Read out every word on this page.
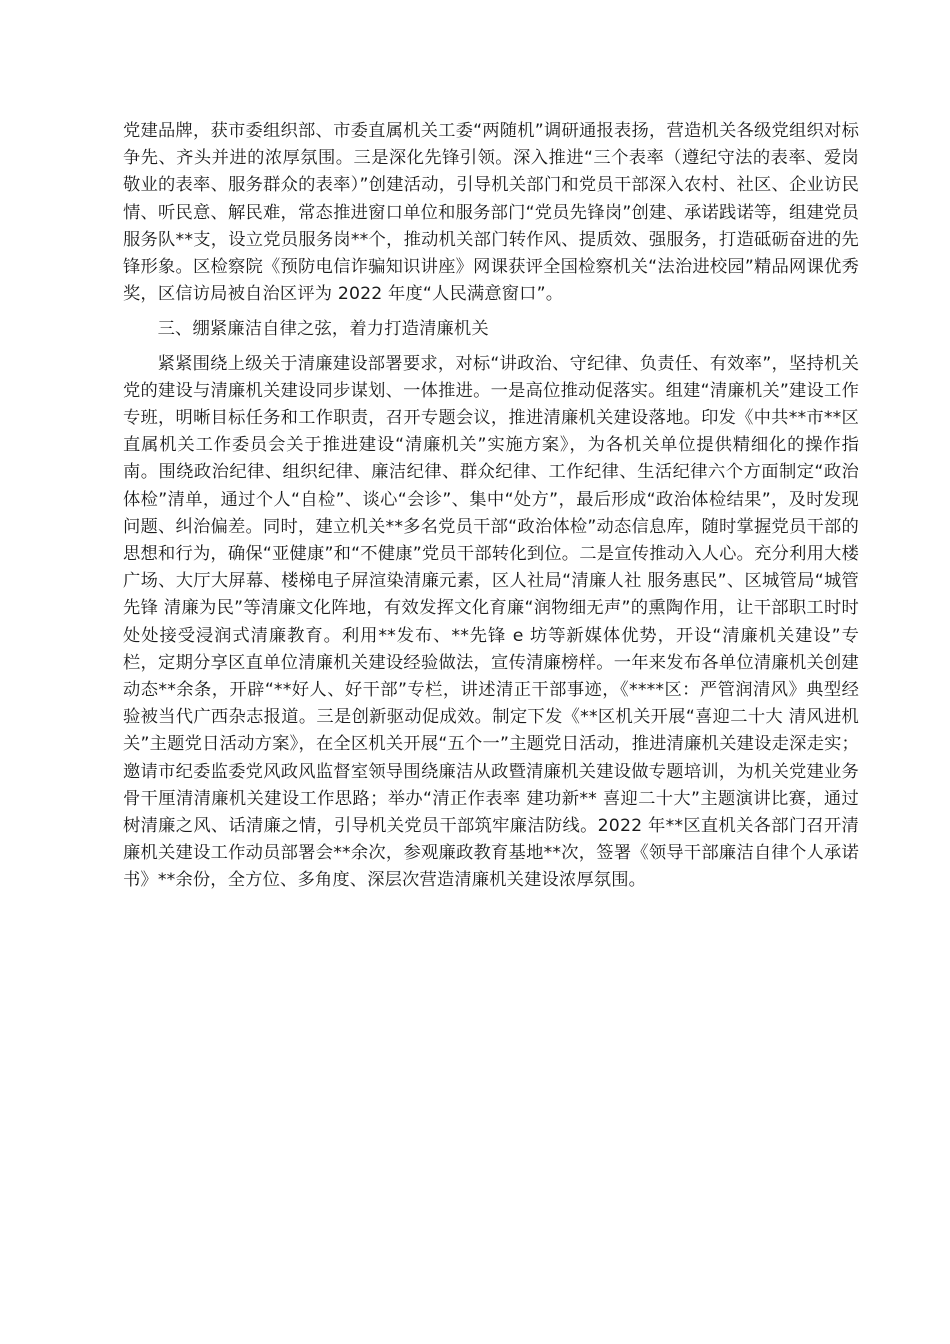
党建品牌，获市委组织部、市委直属机关工委“两随机”调研通报表扬，营造机关各级党组织对标争先、齐头并进的浓厚氛围。三是深化先锋引领。深入推进“三个表率（遵纪守法的表率、爱岗敬业的表率、服务群众的表率）”创建活动，引导机关部门和党员干部深入农村、社区、企业访民情、听民意、解民难，常态推进窗口单位和服务部门“党员先锋岗”创建、承诺践诺等，组建党员服务队**支，设立党员服务岗**个，推动机关部门转作风、提质效、强服务，打造砥砺奋进的先锋形象。区检察院《预防电信诈骗知识讲座》网课获评全国检察机关“法治进校园”精品网课优秀奖，区信访局被自治区评为 2022 年度“人民满意窗口”。

三、绷紧廉洁自律之弦，着力打造清廉机关

紧紧围绕上级关于清廉建设部署要求，对标“讲政治、守纪律、负责任、有效率”，坚持机关党的建设与清廉机关建设同步谋划、一体推进。一是高位推动促落实。组建“清廉机关”建设工作专班，明晰目标任务和工作职责，召开专题会议，推进清廉机关建设落地。印发《中共**市**区直属机关工作委员会关于推进建设“清廉机关”实施方案》，为各机关单位提供精细化的操作指南。围绕政治纪律、组织纪律、廉洁纪律、群众纪律、工作纪律、生活纪律六个方面制定“政治体检”清单，通过个人“自检”、谈心“会诊”、集中“处方”，最后形成“政治体检结果”，及时发现问题、纠治偏差。同时，建立机关**多名党员干部“政治体检”动态信息库，随时掌握党员干部的思想和行为，确保“亚健康”和“不健康”党员干部转化到位。二是宣传推动入人心。充分利用大楼广场、大厅大屏幕、楼梯电子屏渲染清廉元素，区人社局“清廉人社 服务惠民”、区城管局“城管先锋 清廉为民”等清廉文化阵地，有效发挥文化育廉“润物细无声”的熏陶作用，让干部职工时时处处接受浸润式清廉教育。利用**发布、**先锋 e 坊等新媒体优势，开设“清廉机关建设”专栏，定期分享区直单位清廉机关建设经验做法，宣传清廉榜样。一年来发布各单位清廉机关创建动态**余条，开辟“**好人、好干部”专栏，讲述清正干部事迹，《****区：严管润清风》典型经验被当代广西杂志报道。三是创新驱动促成效。制定下发《**区机关开展“喜迎二十大 清风进机关”主题党日活动方案》，在全区机关开展“五个一”主题党日活动，推进清廉机关建设走深走实；邀请市纪委监委党风政风监督室领导围绕廉洁从政暨清廉机关建设做专题培训，为机关党建业务骨干厘清清廉机关建设工作思路；举办“清正作表率 建功新** 喜迎二十大”主题演讲比赛，通过树清廉之风、话清廉之情，引导机关党员干部筑牢廉洁防线。2022 年**区直机关各部门召开清廉机关建设工作动员部署会**余次，参观廉政教育基地**次，签署《领导干部廉洁自律个人承诺书》**余份，全方位、多角度、深层次营造清廉机关建设浓厚氛围。
